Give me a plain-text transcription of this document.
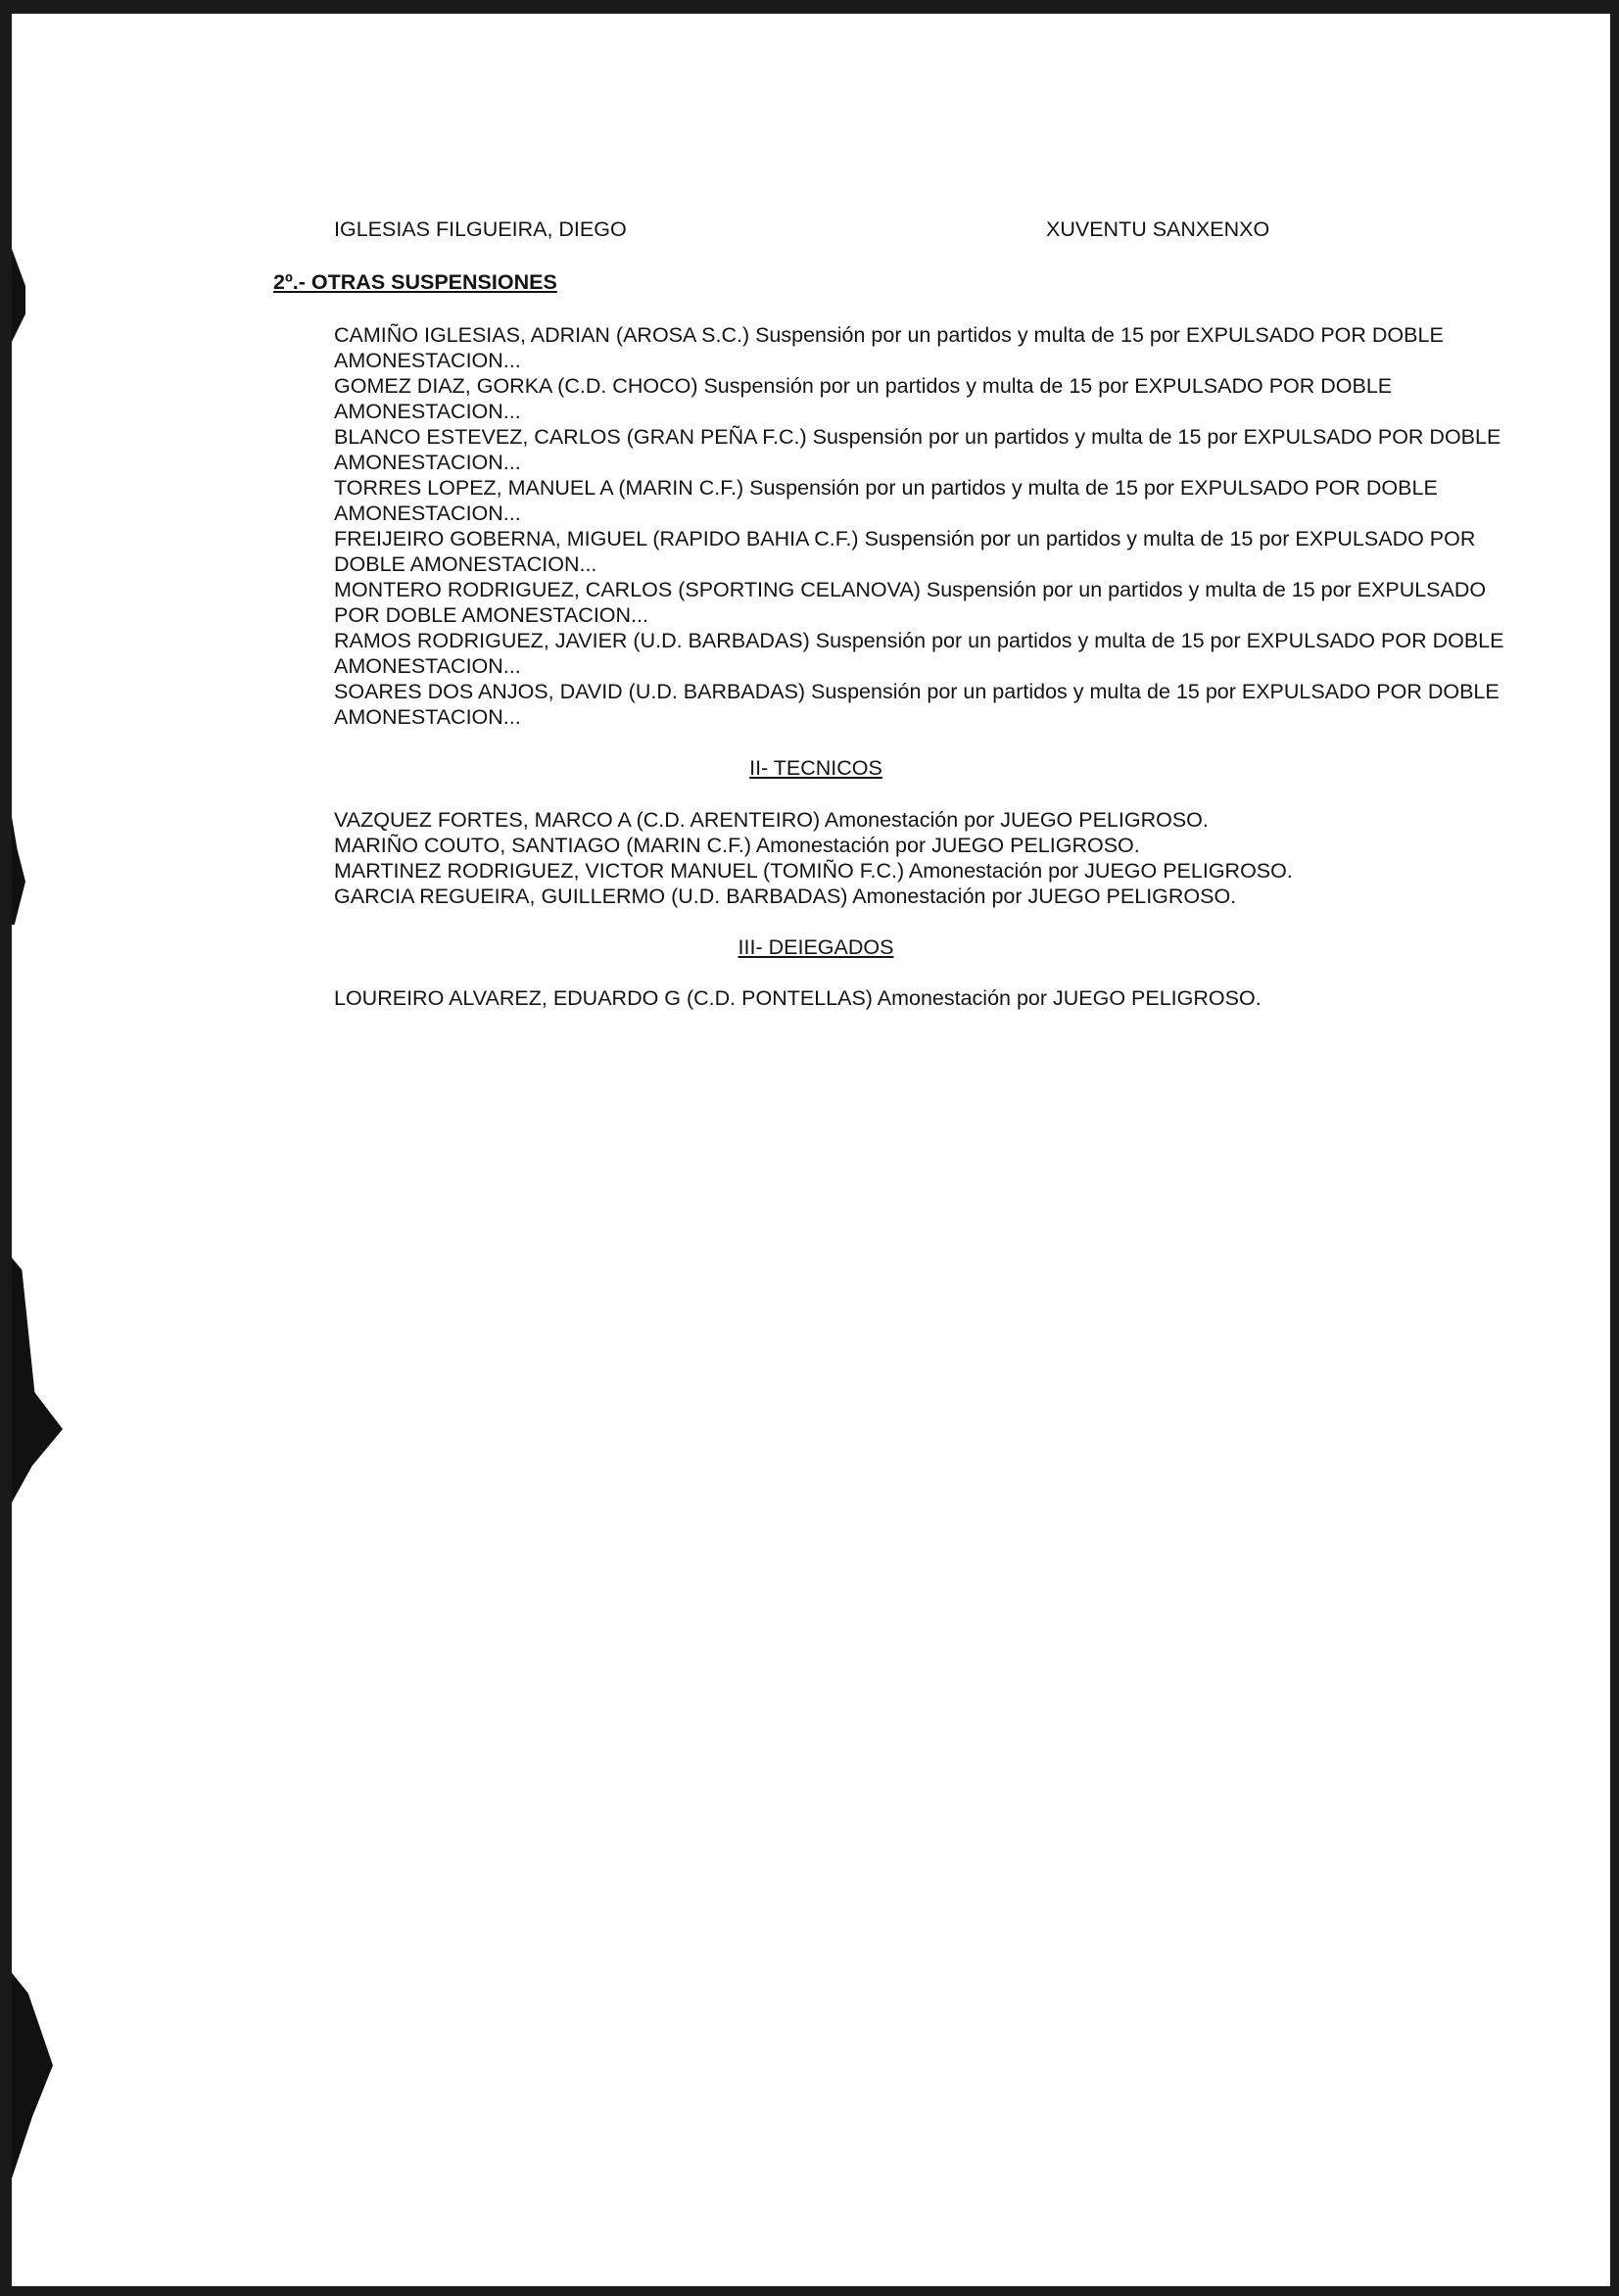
IGLESIAS FILGUEIRA, DIEGO	XUVENTU SANXENXO
2º.- OTRAS SUSPENSIONES

CAMIÑO IGLESIAS, ADRIAN (AROSA S.C.) Suspensión por un partidos y multa de 15 por EXPULSADO POR DOBLE AMONESTACION...

GOMEZ DIAZ, GORKA (C.D. CHOCO) Suspensión por un partidos y multa de 15 por EXPULSADO POR DOBLE AMONESTACION...

BLANCO ESTEVEZ, CARLOS (GRAN PEÑA F.C.) Suspensión por un partidos y multa de 15 por EXPULSADO POR DOBLE AMONESTACION...

TORRES LOPEZ, MANUEL A (MARIN C.F.) Suspensión por un partidos y multa de 15 por EXPULSADO POR DOBLE AMONESTACION...

FREIJEIRO GOBERNA, MIGUEL (RAPIDO BAHIA C.F.) Suspensión por un partidos y multa de 15 por EXPULSADO POR DOBLE AMONESTACION...

MONTERO RODRIGUEZ, CARLOS (SPORTING CELANOVA) Suspensión por un partidos y multa de 15 por EXPULSADO POR DOBLE AMONESTACION...

RAMOS RODRIGUEZ, JAVIER (U.D. BARBADAS) Suspensión por un partidos y multa de 15 por EXPULSADO POR DOBLE AMONESTACION...

SOARES DOS ANJOS, DAVID (U.D. BARBADAS) Suspensión por un partidos y multa de 15 por EXPULSADO POR DOBLE AMONESTACION...

II- TECNICOS

VAZQUEZ FORTES, MARCO A (C.D. ARENTEIRO) Amonestación por JUEGO PELIGROSO.

MARIÑO COUTO, SANTIAGO (MARIN C.F.) Amonestación por JUEGO PELIGROSO.

MARTINEZ RODRIGUEZ, VICTOR MANUEL (TOMIÑO F.C.) Amonestación por JUEGO PELIGROSO.

GARCIA REGUEIRA, GUILLERMO (U.D. BARBADAS) Amonestación por JUEGO PELIGROSO.

III- DEIEGADOS

LOUREIRO ALVAREZ, EDUARDO G (C.D. PONTELLAS) Amonestación por JUEGO PELIGROSO.
